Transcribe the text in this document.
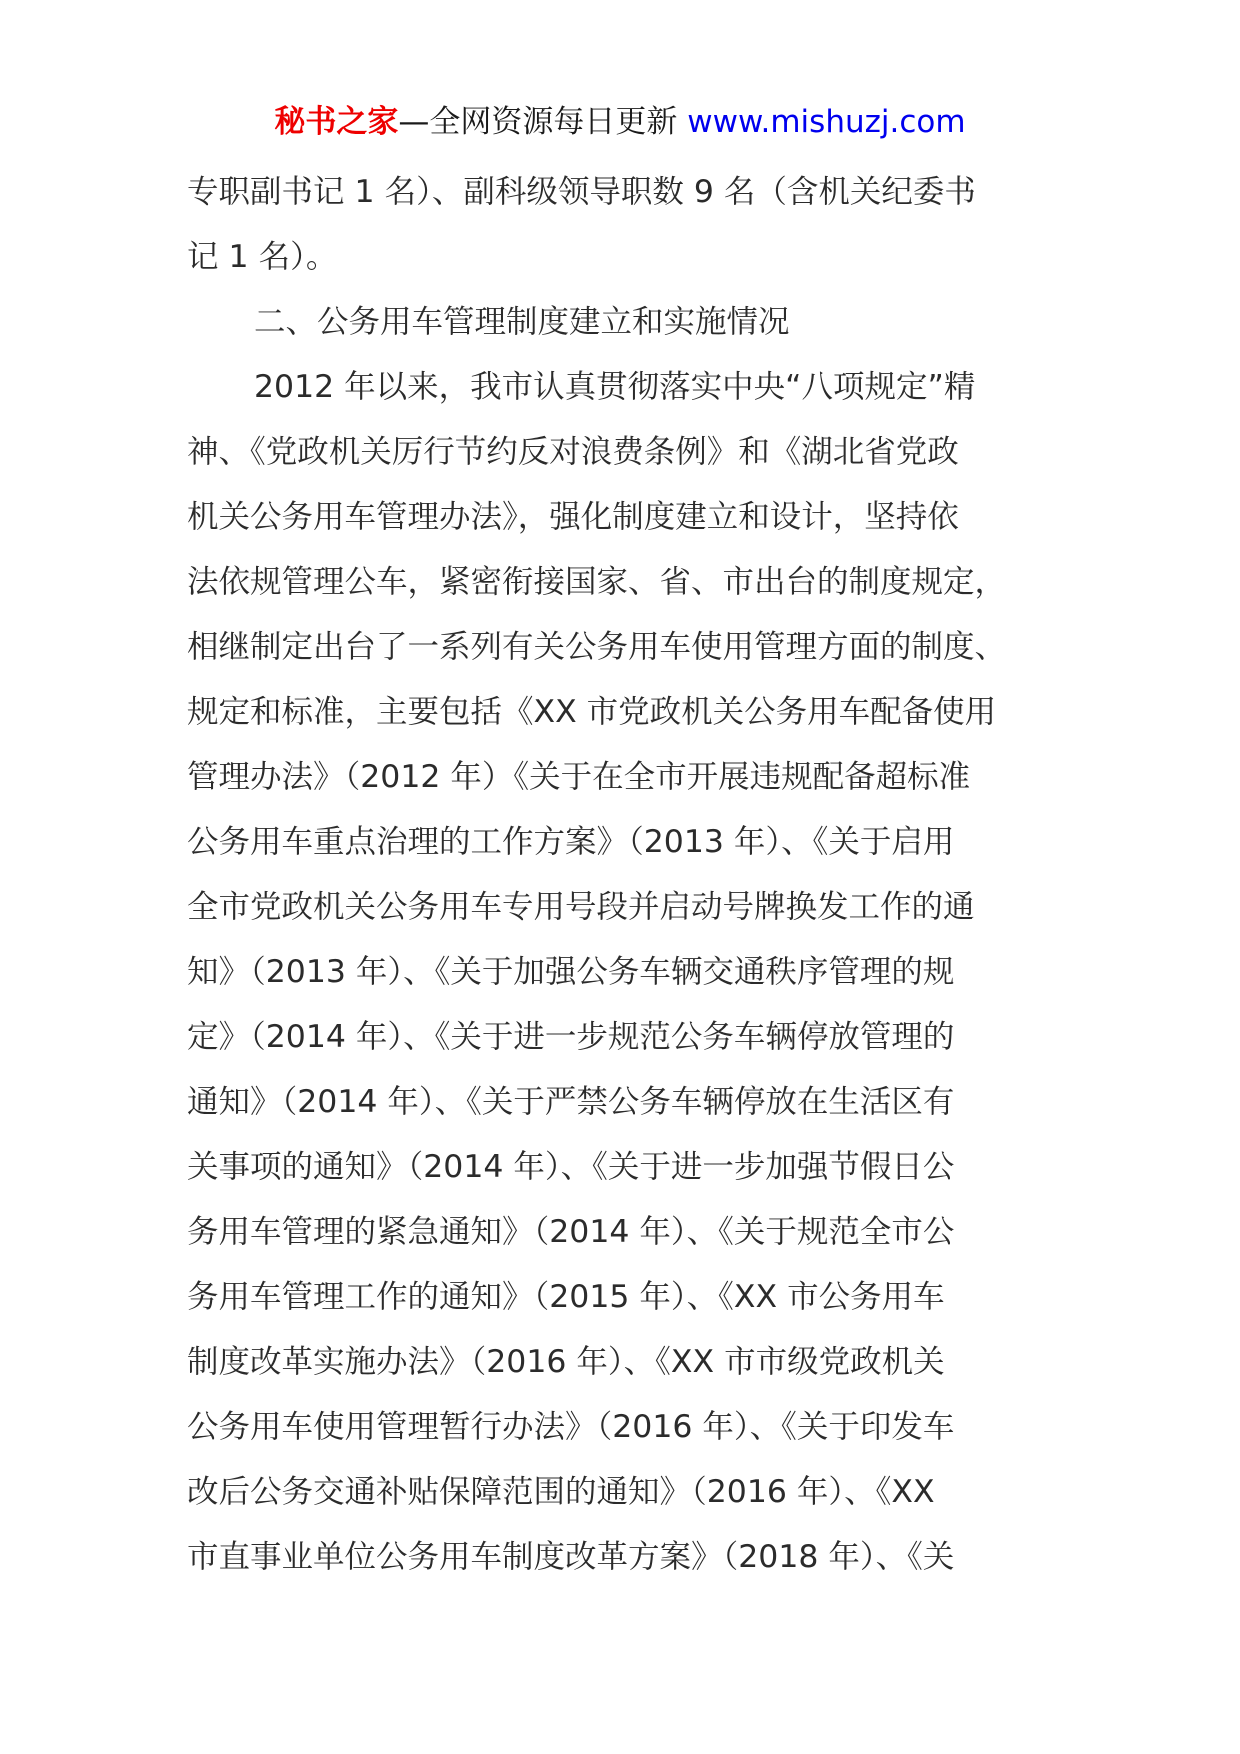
秘书之家—全网资源每日更新 www.mishuzj.com
专职副书记 1 名）、副科级领导职数 9 名（含机关纪委书
记 1 名）。
二、公务用车管理制度建立和实施情况
2012 年以来，我市认真贯彻落实中央“八项规定”精
神、《党政机关厉行节约反对浪费条例》和《湖北省党政
机关公务用车管理办法》，强化制度建立和设计，坚持依
法依规管理公车，紧密衔接国家、省、市出台的制度规定，
相继制定出台了一系列有关公务用车使用管理方面的制度、
规定和标准，主要包括《XX 市党政机关公务用车配备使用
管理办法》（2012 年）《关于在全市开展违规配备超标准
公务用车重点治理的工作方案》（2013 年）、《关于启用
全市党政机关公务用车专用号段并启动号牌换发工作的通
知》（2013 年）、《关于加强公务车辆交通秩序管理的规
定》（2014 年）、《关于进一步规范公务车辆停放管理的
通知》（2014 年）、《关于严禁公务车辆停放在生活区有
关事项的通知》（2014 年）、《关于进一步加强节假日公
务用车管理的紧急通知》（2014 年）、《关于规范全市公
务用车管理工作的通知》（2015 年）、《XX 市公务用车
制度改革实施办法》（2016 年）、《XX 市市级党政机关
公务用车使用管理暂行办法》（2016 年）、《关于印发车
改后公务交通补贴保障范围的通知》（2016 年）、《XX
市直事业单位公务用车制度改革方案》（2018 年）、《关
